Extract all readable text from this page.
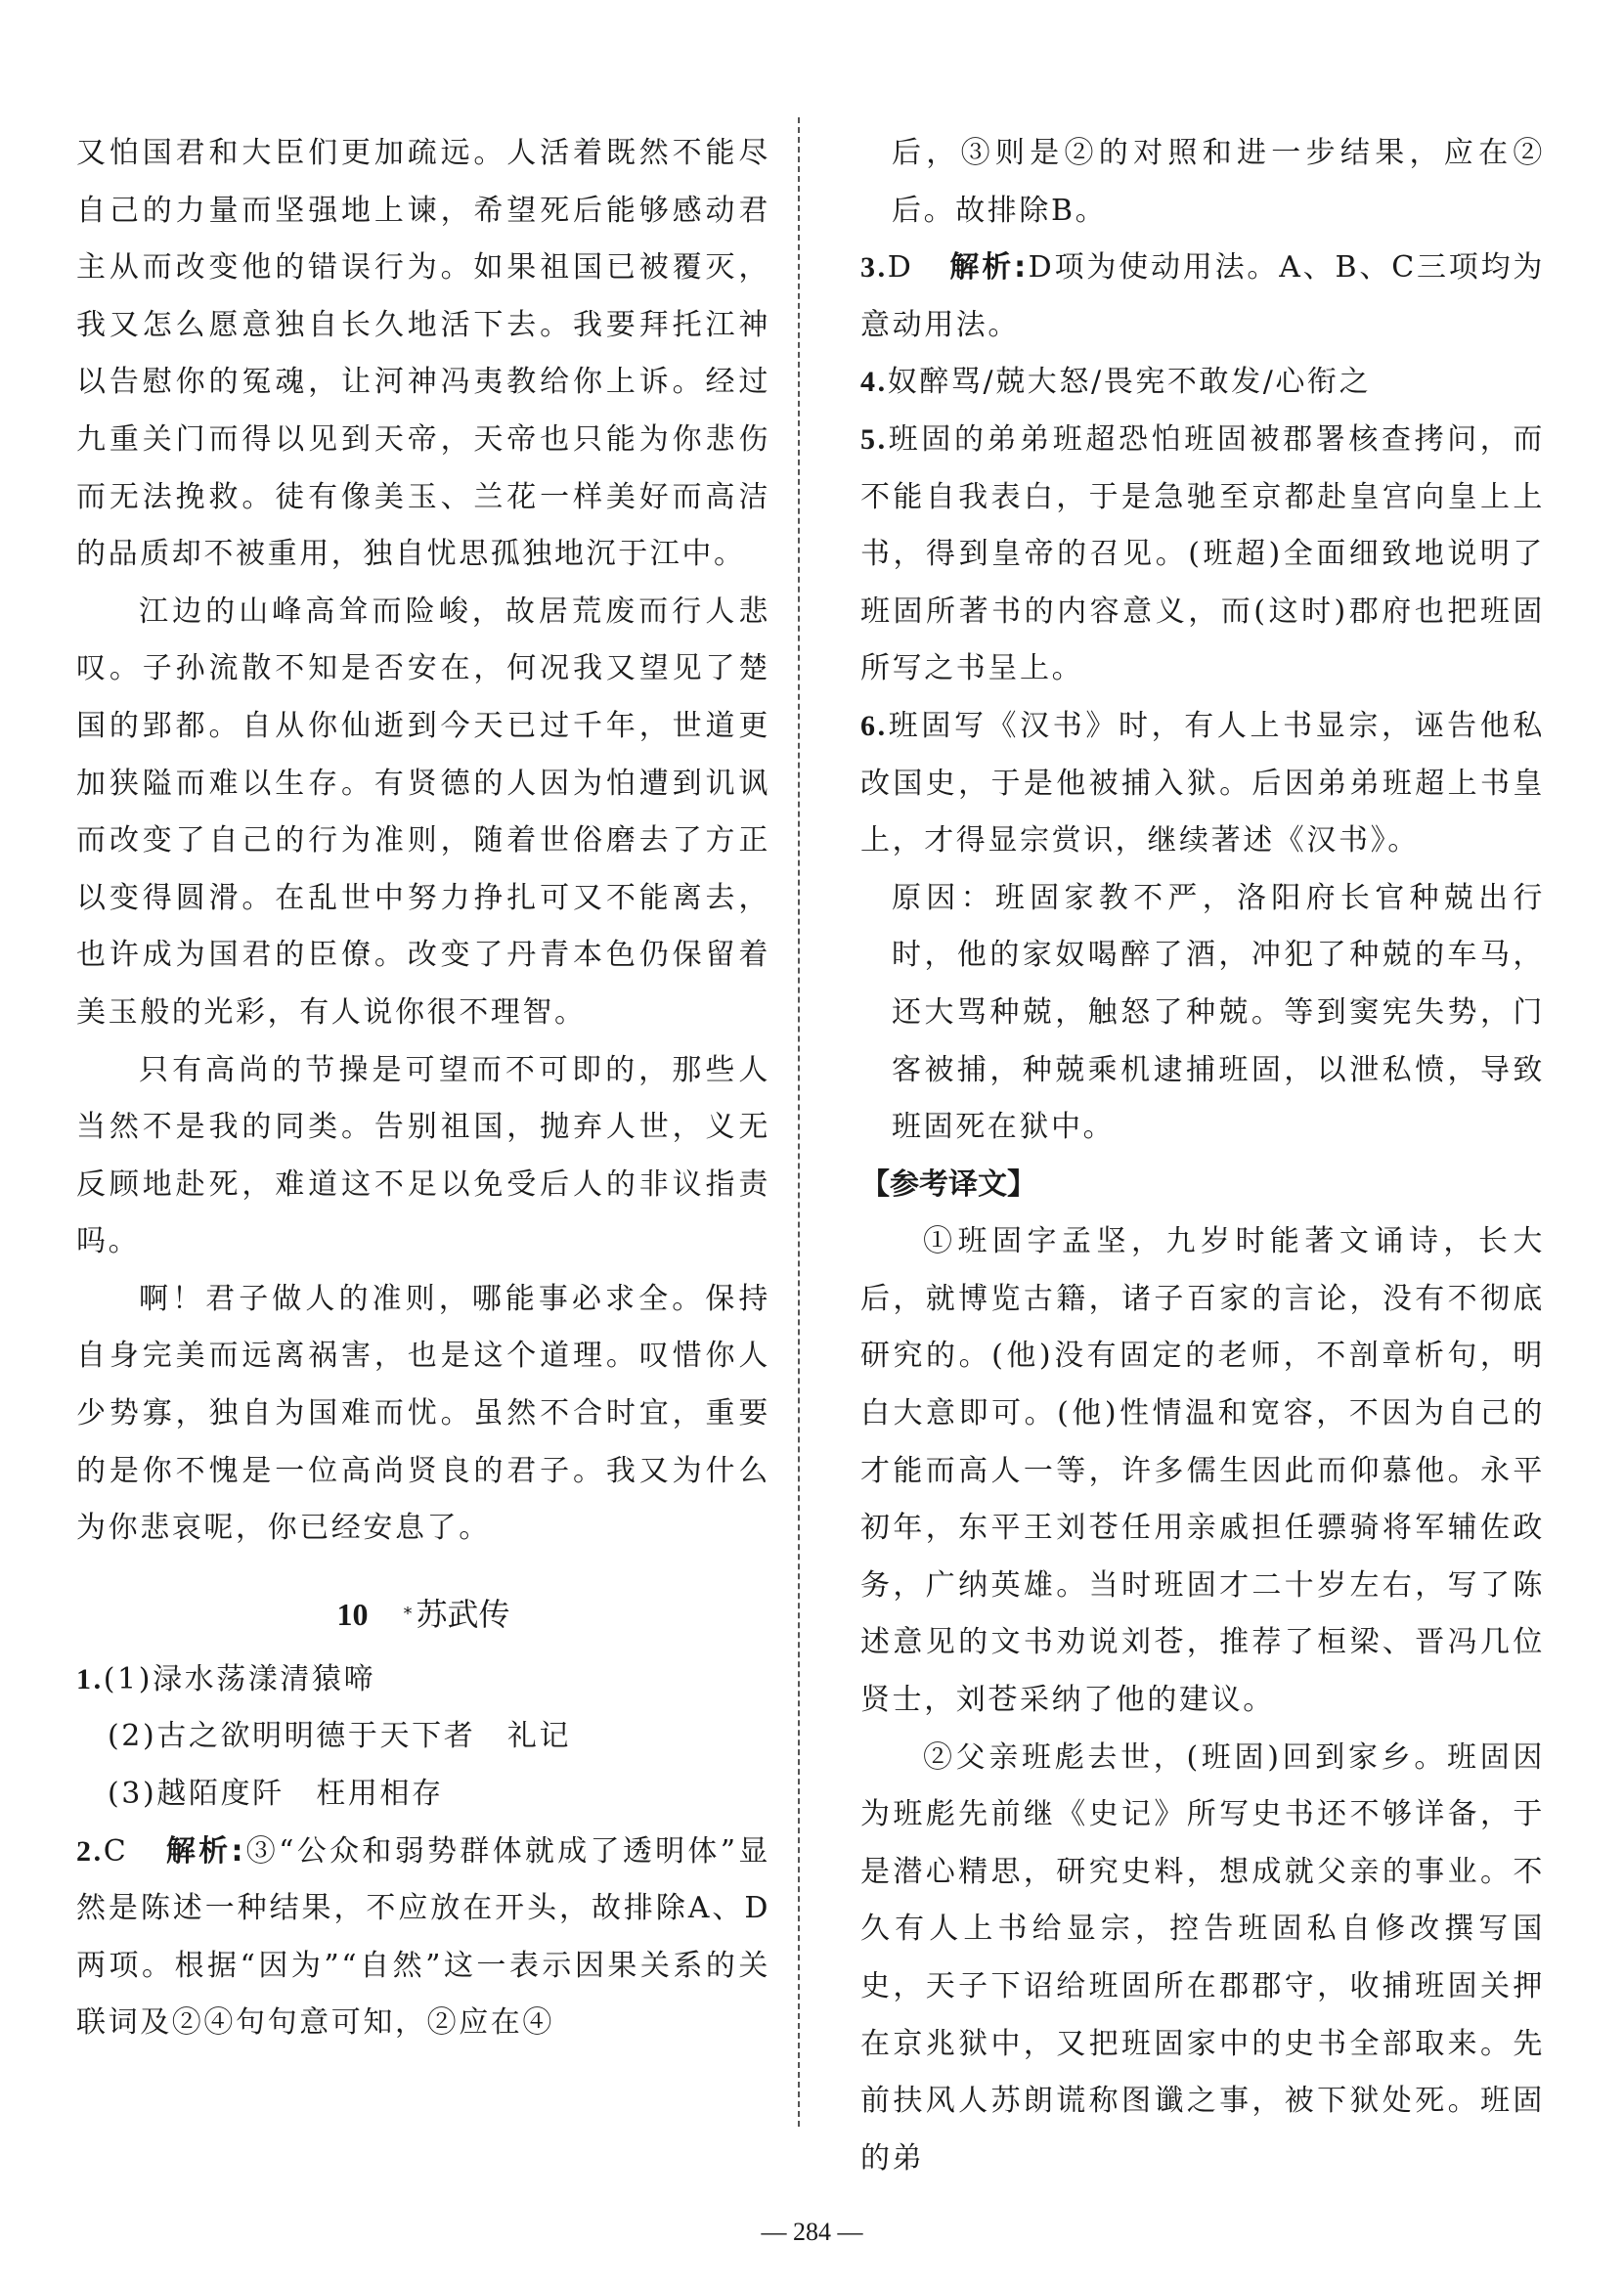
又怕国君和大臣们更加疏远。人活着既然不能尽自己的力量而坚强地上谏，希望死后能够感动君主从而改变他的错误行为。如果祖国已被覆灭，我又怎么愿意独自长久地活下去。我要拜托江神以告慰你的冤魂，让河神冯夷教给你上诉。经过九重关门而得以见到天帝，天帝也只能为你悲伤而无法挽救。徒有像美玉、兰花一样美好而高洁的品质却不被重用，独自忧思孤独地沉于江中。

江边的山峰高耸而险峻，故居荒废而行人悲叹。子孙流散不知是否安在，何况我又望见了楚国的郢都。自从你仙逝到今天已过千年，世道更加狭隘而难以生存。有贤德的人因为怕遭到讥讽而改变了自己的行为准则，随着世俗磨去了方正以变得圆滑。在乱世中努力挣扎可又不能离去，也许成为国君的臣僚。改变了丹青本色仍保留着美玉般的光彩，有人说你很不理智。

只有高尚的节操是可望而不可即的，那些人当然不是我的同类。告别祖国，抛弃人世，义无反顾地赴死，难道这不足以免受后人的非议指责吗。

啊！君子做人的准则，哪能事必求全。保持自身完美而远离祸害，也是这个道理。叹惜你人少势寡，独自为国难而忧。虽然不合时宜，重要的是你不愧是一位高尚贤良的君子。我又为什么为你悲哀呢，你已经安息了。

10 * 苏武传
1.(1)渌水荡漾清猿啼
(2)古之欲明明德于天下者　礼记
(3)越陌度阡　枉用相存
2.C 解析:③“公众和弱势群体就成了透明体”显然是陈述一种结果，不应放在开头，故排除A、D两项。根据“因为”“自然”这一表示因果关系的关联词及②④句句意可知，②应在④

后，③则是②的对照和进一步结果，应在②后。故排除B。

3.D 解析:D项为使动用法。A、B、C三项均为意动用法。
4.奴醉骂/兢大怒/畏宪不敢发/心衔之
5.班固的弟弟班超恐怕班固被郡署核查拷问，而不能自我表白，于是急驰至京都赴皇宫向皇上上书，得到皇帝的召见。(班超)全面细致地说明了班固所著书的内容意义，而(这时)郡府也把班固所写之书呈上。
6.班固写《汉书》时，有人上书显宗，诬告他私改国史，于是他被捕入狱。后因弟弟班超上书皇上，才得显宗赏识，继续著述《汉书》。
原因：班固家教不严，洛阳府长官种兢出行时，他的家奴喝醉了酒，冲犯了种兢的车马，还大骂种兢，触怒了种兢。等到窦宪失势，门客被捕，种兢乘机逮捕班固，以泄私愤，导致班固死在狱中。

【参考译文】

①班固字孟坚，九岁时能著文诵诗，长大后，就博览古籍，诸子百家的言论，没有不彻底研究的。(他)没有固定的老师，不剖章析句，明白大意即可。(他)性情温和宽容，不因为自己的才能而高人一等，许多儒生因此而仰慕他。永平初年，东平王刘苍任用亲戚担任骠骑将军辅佐政务，广纳英雄。当时班固才二十岁左右，写了陈述意见的文书劝说刘苍，推荐了桓梁、晋冯几位贤士，刘苍采纳了他的建议。

②父亲班彪去世，(班固)回到家乡。班固因为班彪先前继《史记》所写史书还不够详备，于是潜心精思，研究史料，想成就父亲的事业。不久有人上书给显宗，控告班固私自修改撰写国史，天子下诏给班固所在郡郡守，收捕班固关押在京兆狱中，又把班固家中的史书全部取来。先前扶风人苏朗谎称图谶之事，被下狱处死。班固的弟

— 284 —
